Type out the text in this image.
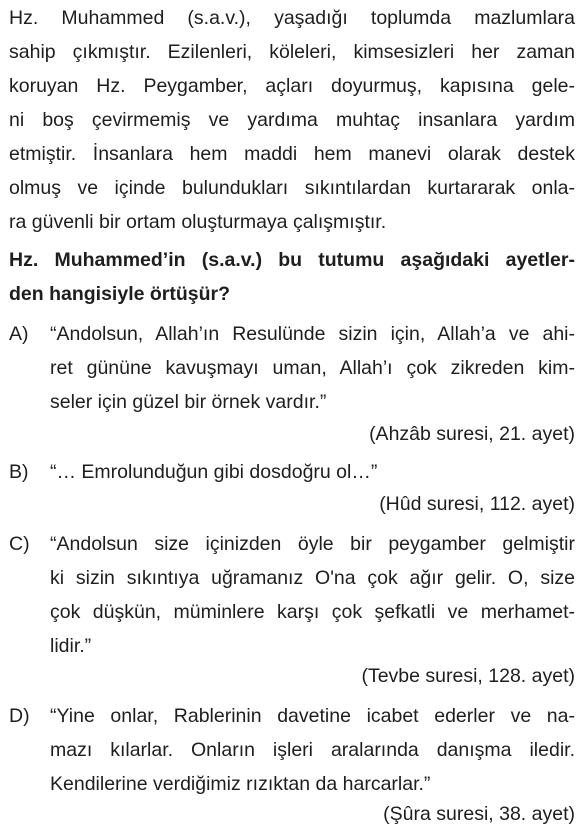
Hz. Muhammed (s.a.v.), yaşadığı toplumda mazlumlara
sahip çıkmıştır. Ezilenleri, köleleri, kimsesizleri her zaman
koruyan Hz. Peygamber, açları doyurmuş, kapısına gele-
ni boş çevirmemiş ve yardıma muhtaç insanlara yardım
etmiştir. İnsanlara hem maddi hem manevi olarak destek
olmuş ve içinde bulundukları sıkıntılardan kurtararak onla-
ra güvenli bir ortam oluşturmaya çalışmıştır.
Hz. Muhammed’in (s.a.v.) bu tutumu aşağıdaki ayetler-
den hangisiyle örtüşür?
A)	“Andolsun, Allah’ın Resulünde sizin için, Allah’a ve ahi-
ret gününe kavuşmayı uman, Allah’ı çok zikreden kim-
seler için güzel bir örnek vardır.”
(Ahzâb suresi, 21. ayet)
B)	“… Emrolunduğun gibi dosdoğru ol…”
(Hûd suresi, 112. ayet)
C)	“Andolsun size içinizden öyle bir peygamber gelmiştir
ki sizin sıkıntıya uğramanız O'na çok ağır gelir. O, size
çok düşkün, müminlere karşı çok şefkatli ve merhamet-
lidir.”
(Tevbe suresi, 128. ayet)
D)	“Yine onlar, Rablerinin davetine icabet ederler ve na-
mazı kılarlar. Onların işleri aralarında danışma iledir.
Kendilerine verdiğimiz rızıktan da harcarlar.”
(Şûra suresi, 38. ayet)
